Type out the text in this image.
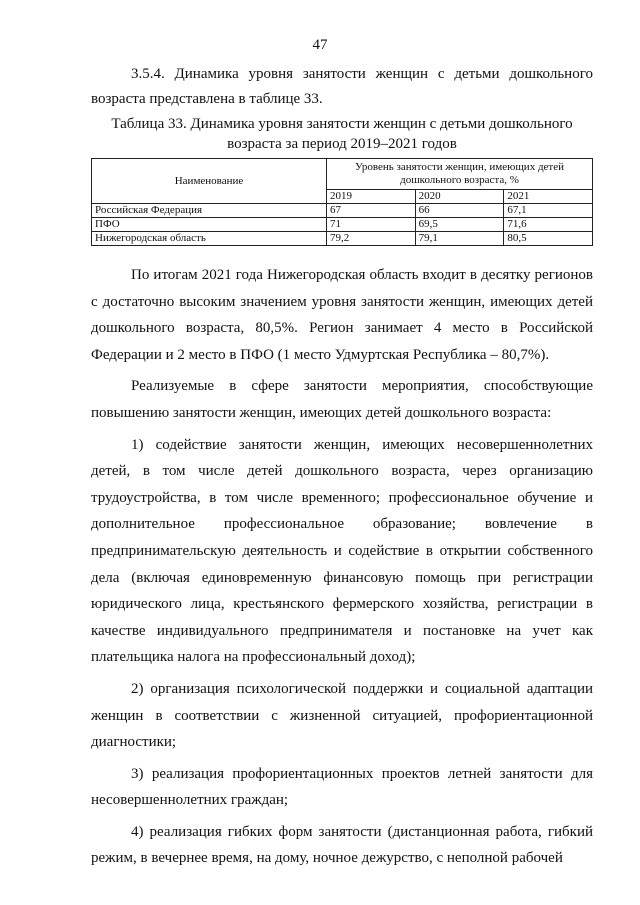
47

3.5.4. Динамика уровня занятости женщин с детьми дошкольного возраста представлена в таблице 33.

Таблица 33. Динамика уровня занятости женщин с детьми дошкольного возраста за период 2019–2021 годов

Наименование	Уровень занятости женщин, имеющих детей дошкольного возраста, %		
	2019	2020	2021
Российская Федерация	67	66	67,1
ПФО	71	69,5	71,6
Нижегородская область	79,2	79,1	80,5

По итогам 2021 года Нижегородская область входит в десятку регионов с достаточно высоким значением уровня занятости женщин, имеющих детей дошкольного возраста, 80,5%. Регион занимает 4 место в Российской Федерации и 2 место в ПФО (1 место Удмуртская Республика – 80,7%).

Реализуемые в сфере занятости мероприятия, способствующие повышению занятости женщин, имеющих детей дошкольного возраста:

1) содействие занятости женщин, имеющих несовершеннолетних детей, в том числе детей дошкольного возраста, через организацию трудоустройства, в том числе временного; профессиональное обучение и дополнительное профессиональное образование; вовлечение в предпринимательскую деятельность и содействие в открытии собственного дела (включая единовременную финансовую помощь при регистрации юридического лица, крестьянского фермерского хозяйства, регистрации в качестве индивидуального предпринимателя и постановке на учет как плательщика налога на профессиональный доход);

2) организация психологической поддержки и социальной адаптации женщин в соответствии с жизненной ситуацией, профориентационной диагностики;

3) реализация профориентационных проектов летней занятости для несовершеннолетних граждан;

4) реализация гибких форм занятости (дистанционная работа, гибкий режим, в вечернее время, на дому, ночное дежурство, с неполной рабочей
